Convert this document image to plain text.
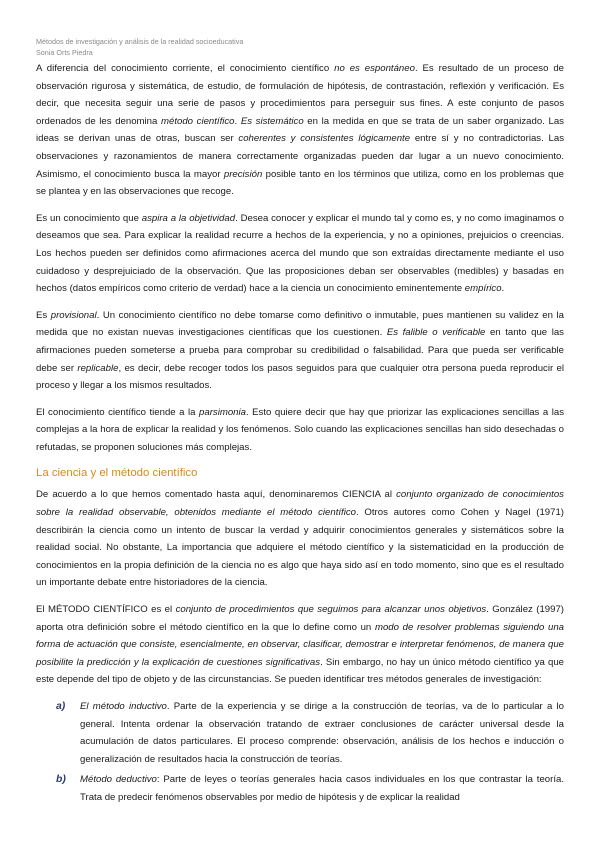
Métodos de investigación y análisis de la realidad socioeducativa
Sonia Orts Piedra

A diferencia del conocimiento corriente, el conocimiento científico no es espontáneo. Es resultado de un proceso de observación rigurosa y sistemática, de estudio, de formulación de hipótesis, de contrastación, reflexión y verificación. Es decir, que necesita seguir una serie de pasos y procedimientos para perseguir sus fines. A este conjunto de pasos ordenados de les denomina método científico. Es sistemático en la medida en que se trata de un saber organizado. Las ideas se derivan unas de otras, buscan ser coherentes y consistentes lógicamente entre sí y no contradictorias. Las observaciones y razonamientos de manera correctamente organizadas pueden dar lugar a un nuevo conocimiento. Asimismo, el conocimiento busca la mayor precisión posible tanto en los términos que utiliza, como en los problemas que se plantea y en las observaciones que recoge.

Es un conocimiento que aspira a la objetividad. Desea conocer y explicar el mundo tal y como es, y no como imaginamos o deseamos que sea. Para explicar la realidad recurre a hechos de la experiencia, y no a opiniones, prejuicios o creencias. Los hechos pueden ser definidos como afirmaciones acerca del mundo que son extraídas directamente mediante el uso cuidadoso y desprejuiciado de la observación. Que las proposiciones deban ser observables (medibles) y basadas en hechos (datos empíricos como criterio de verdad) hace a la ciencia un conocimiento eminentemente empírico.

Es provisional. Un conocimiento científico no debe tomarse como definitivo o inmutable, pues mantienen su validez en la medida que no existan nuevas investigaciones científicas que los cuestionen. Es falible o verificable en tanto que las afirmaciones pueden someterse a prueba para comprobar su credibilidad o falsabilidad. Para que pueda ser verificable debe ser replicable, es decir, debe recoger todos los pasos seguidos para que cualquier otra persona pueda reproducir el proceso y llegar a los mismos resultados.

El conocimiento científico tiende a la parsimonia. Esto quiere decir que hay que priorizar las explicaciones sencillas a las complejas a la hora de explicar la realidad y los fenómenos. Solo cuando las explicaciones sencillas han sido desechadas o refutadas, se proponen soluciones más complejas.

La ciencia y el método científico

De acuerdo a lo que hemos comentado hasta aquí, denominaremos CIENCIA al conjunto organizado de conocimientos sobre la realidad observable, obtenidos mediante el método científico. Otros autores como Cohen y Nagel (1971) describirán la ciencia como un intento de buscar la verdad y adquirir conocimientos generales y sistemáticos sobre la realidad social. No obstante, La importancia que adquiere el método científico y la sistematicidad en la producción de conocimientos en la propia definición de la ciencia no es algo que haya sido así en todo momento, sino que es el resultado un importante debate entre historiadores de la ciencia.

El MÉTODO CIENTÍFICO es el conjunto de procedimientos que seguimos para alcanzar unos objetivos. González (1997) aporta otra definición sobre el método científico en la que lo define como un modo de resolver problemas siguiendo una forma de actuación que consiste, esencialmente, en observar, clasificar, demostrar e interpretar fenómenos, de manera que posibilite la predicción y la explicación de cuestiones significativas. Sin embargo, no hay un único método científico ya que este depende del tipo de objeto y de las circunstancias. Se pueden identificar tres métodos generales de investigación:

a) El método inductivo. Parte de la experiencia y se dirige a la construcción de teorías, va de lo particular a lo general. Intenta ordenar la observación tratando de extraer conclusiones de carácter universal desde la acumulación de datos particulares. El proceso comprende: observación, análisis de los hechos e inducción o generalización de resultados hacia la construcción de teorías.

b) Método deductivo: Parte de leyes o teorías generales hacia casos individuales en los que contrastar la teoría. Trata de predecir fenómenos observables por medio de hipótesis y de explicar la realidad
